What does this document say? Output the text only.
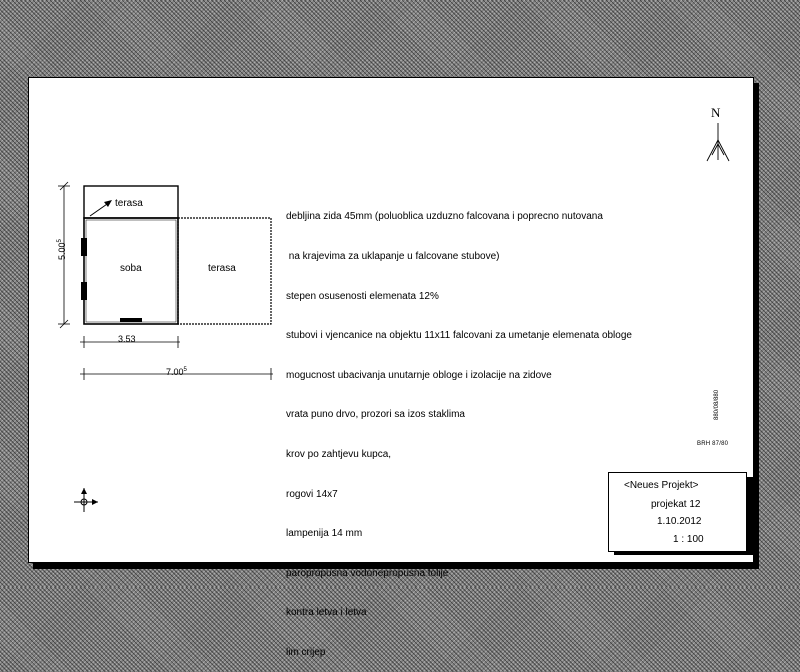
terasa
soba	terasa
5.00$^5$
3.53
7.00$^5$
N

debljina zida 45mm (poluoblica uzduzno falcovana i poprecno nutovana

na krajevima za uklapanje u falcovane stubove)

stepen osusenosti elemenata 12%

stubovi i vjencanice na objektu 11x11 falcovani za umetanje elemenata obloge

mogucnost ubacivanja unutarnje obloge i izolacije na zidove

vrata puno drvo, prozori sa izos staklima

krov po zahtjevu kupca,

rogovi 14x7

lampenija 14 mm

paropropusna vodonepropusna folije

kontra letva i letva

lim crijep

BRH 87/80
880/08/880
<Neues Projekt>
projekat 12
1.10.2012
1 : 100
